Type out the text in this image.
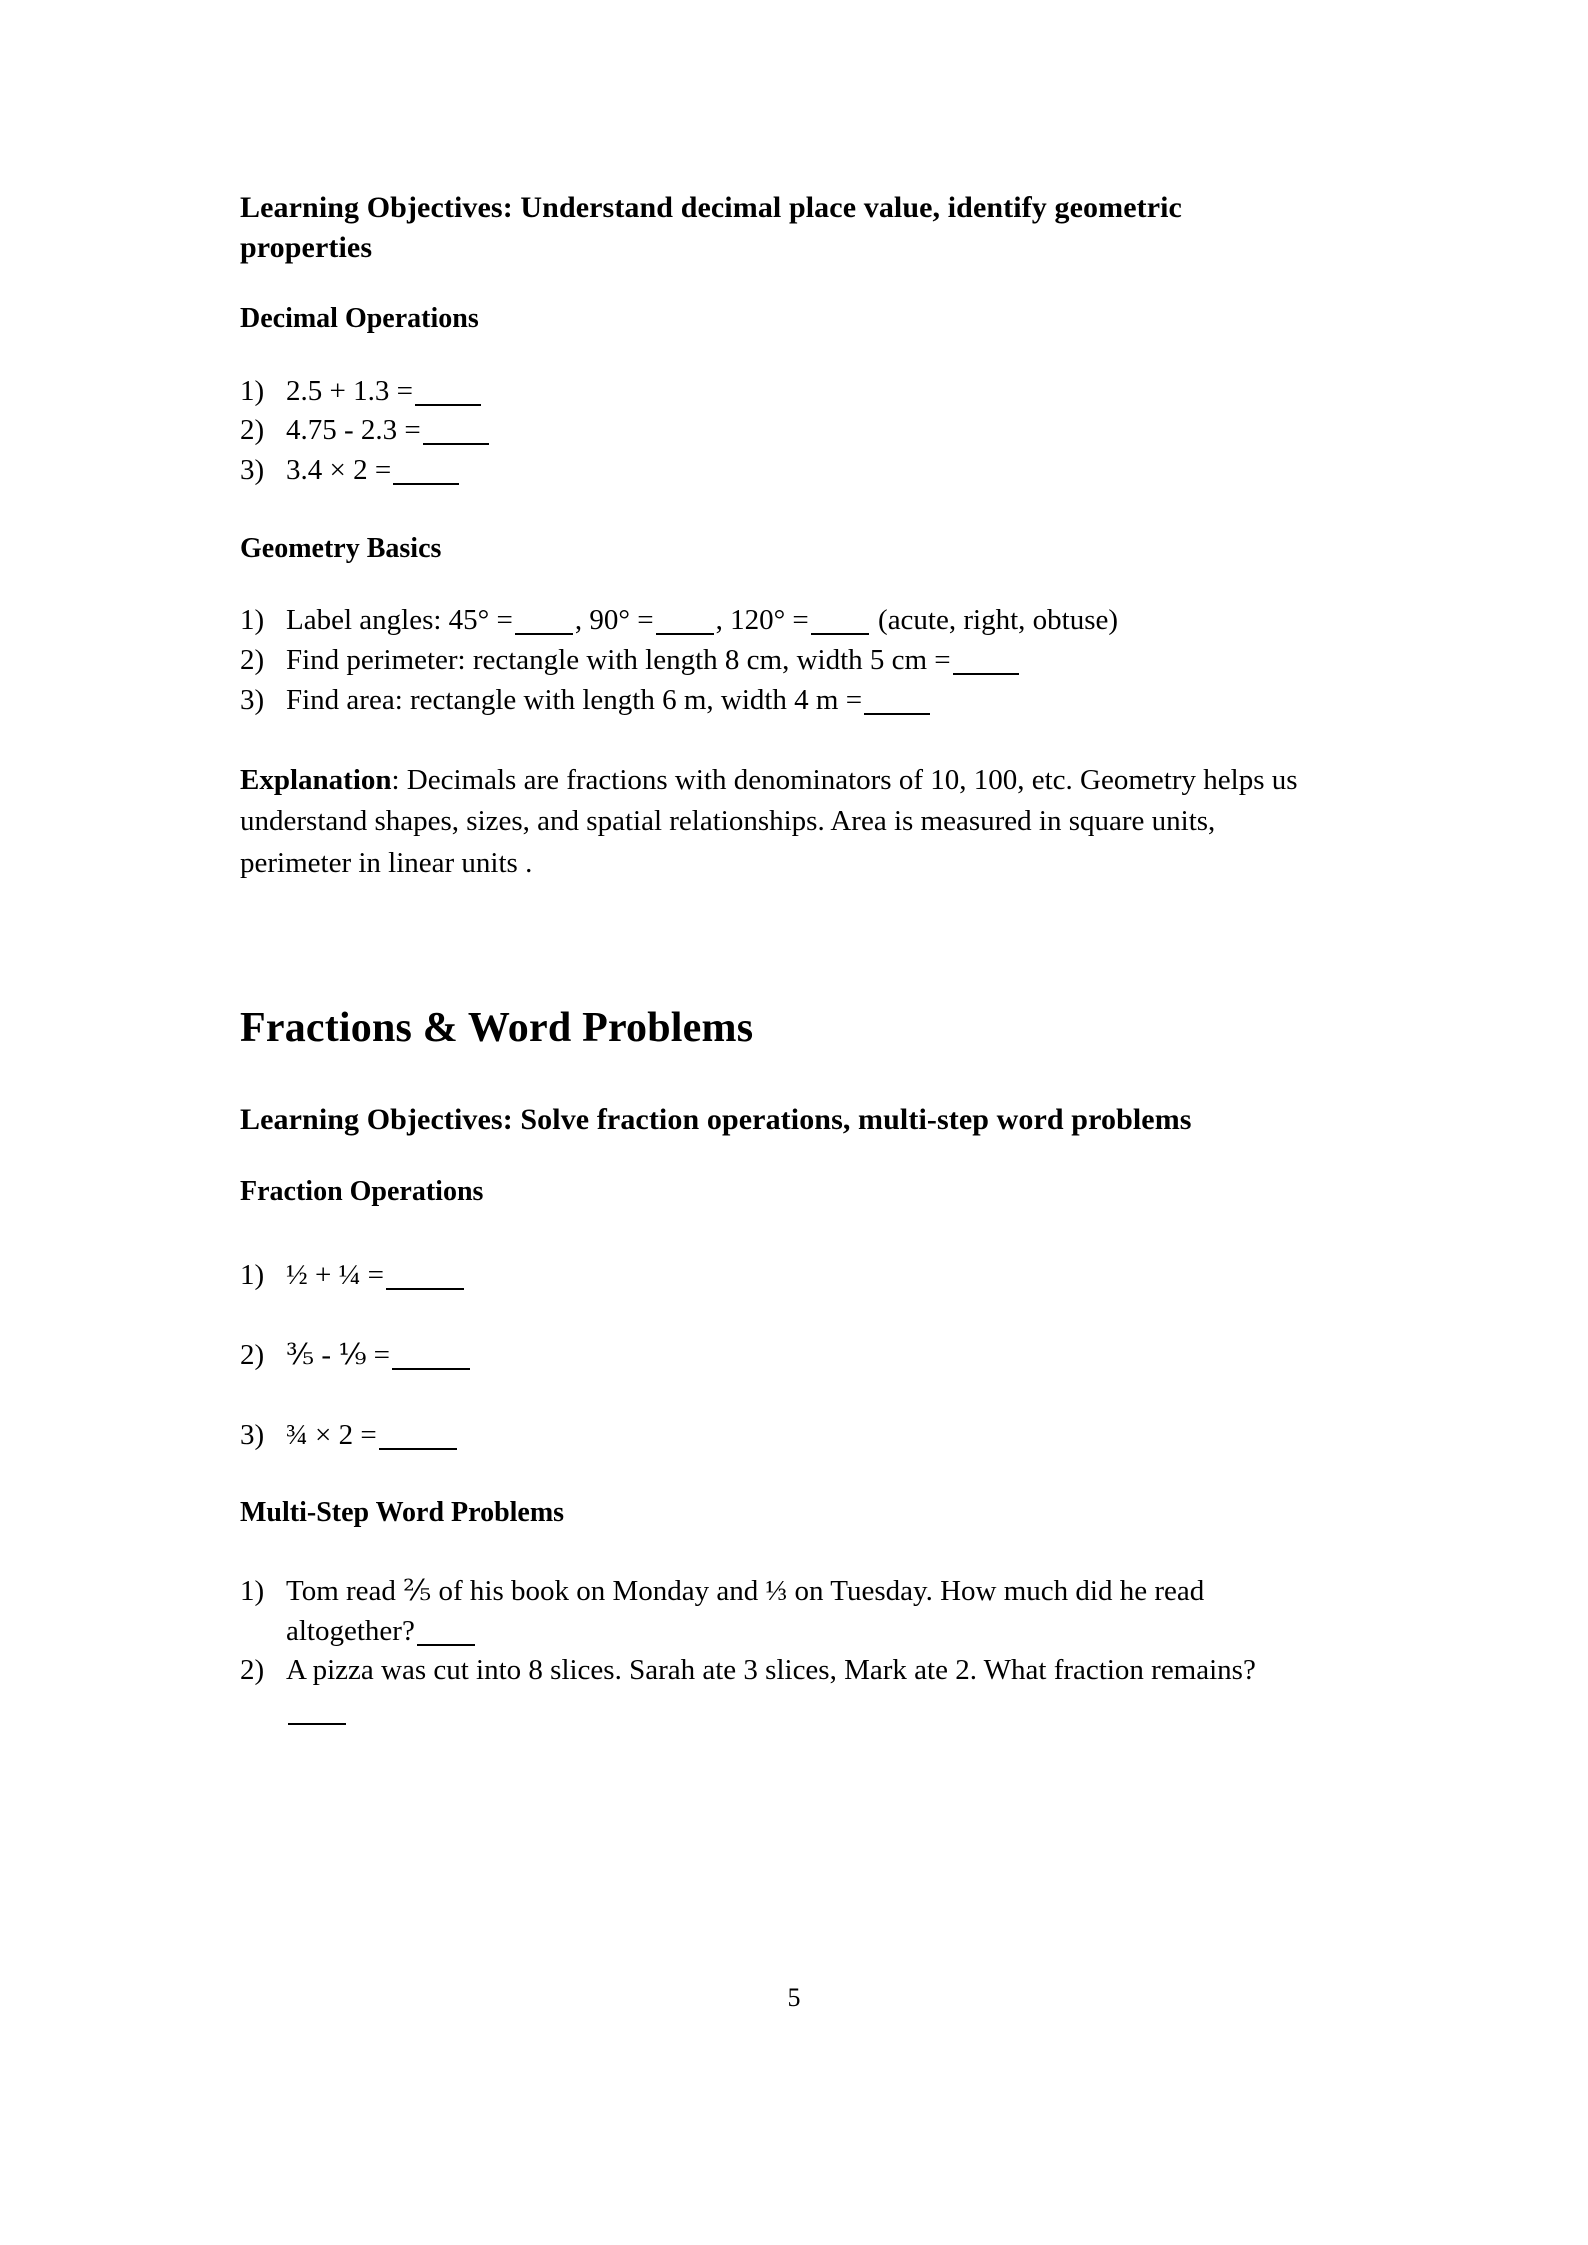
Learning Objectives: Understand decimal place value, identify geometric properties

Decimal Operations

1) 2.5 + 1.3 =
2) 4.75 - 2.3 =
3) 3.4 × 2 =

Geometry Basics

1) Label angles: 45° = , 90° = , 120° = (acute, right, obtuse)
2) Find perimeter: rectangle with length 8 cm, width 5 cm =
3) Find area: rectangle with length 6 m, width 4 m =

Explanation: Decimals are fractions with denominators of 10, 100, etc. Geometry helps us understand shapes, sizes, and spatial relationships. Area is measured in square units, perimeter in linear units .

Fractions & Word Problems

Learning Objectives: Solve fraction operations, multi-step word problems

Fraction Operations

1) ½ + ¼ =
2) ⅗ - ⅑ =
3) ¾ × 2 =

Multi-Step Word Problems

1) Tom read ⅖ of his book on Monday and ⅓ on Tuesday. How much did he read altogether?
2) A pizza was cut into 8 slices. Sarah ate 3 slices, Mark ate 2. What fraction remains?
5
